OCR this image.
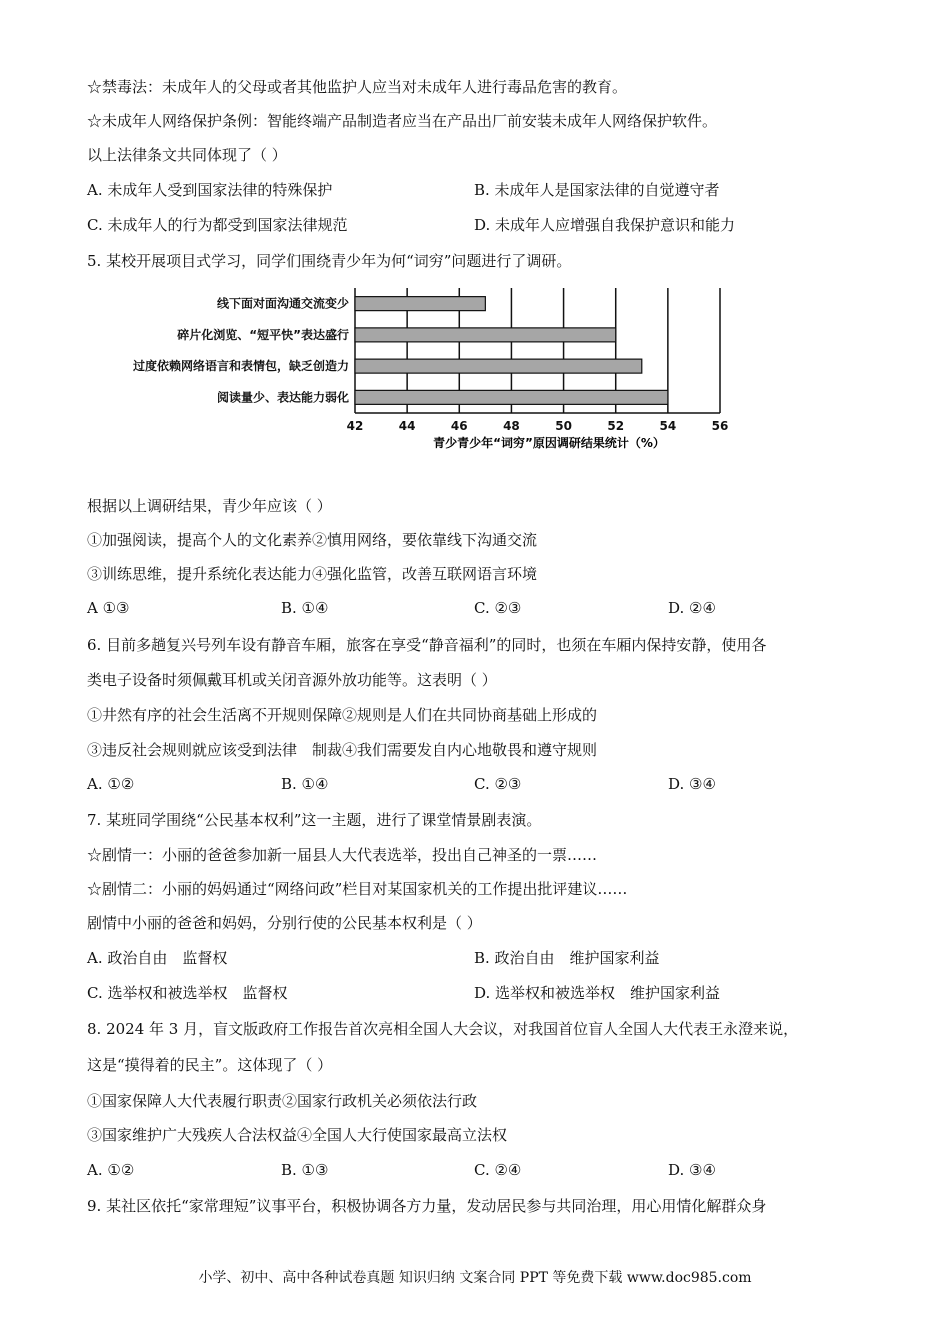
☆禁毒法：未成年人的父母或者其他监护人应当对未成年人进行毒品危害的教育。
☆未成年人网络保护条例：智能终端产品制造者应当在产品出厂前安装未成年人网络保护软件。
以上法律条文共同体现了（ ）
A. 未成年人受到国家法律的特殊保护	B. 未成年人是国家法律的自觉遵守者
C. 未成年人的行为都受到国家法律规范	D. 未成年人应增强自我保护意识和能力
5. 某校开展项目式学习，同学们围绕青少年为何“词穷”问题进行了调研。
线下面对面沟通交流变少
碎片化浏览、“短平快”表达盛行
过度依赖网络语言和表情包，缺乏创造力
阅读量少、表达能力弱化
42	44	46	48	50	52	54	56
青少青少年“词穷”原因调研结果统计（%）
根据以上调研结果，青少年应该（ ）
①加强阅读，提高个人的文化素养②慎用网络，要依靠线下沟通交流
③训练思维，提升系统化表达能力④强化监管，改善互联网语言环境
A ①③	B. ①④	C. ②③	D. ②④
6. 目前多趟复兴号列车设有静音车厢，旅客在享受“静音福利”的同时，也须在车厢内保持安静，使用各
类电子设备时须佩戴耳机或关闭音源外放功能等。这表明（ ）
①井然有序的社会生活离不开规则保障②规则是人们在共同协商基础上形成的
③违反社会规则就应该受到法律　制裁④我们需要发自内心地敬畏和遵守规则
A. ①②	B. ①④	C. ②③	D. ③④
7. 某班同学围绕“公民基本权利”这一主题，进行了课堂情景剧表演。
☆剧情一：小丽的爸爸参加新一届县人大代表选举，投出自己神圣的一票……
☆剧情二：小丽的妈妈通过“网络问政”栏目对某国家机关的工作提出批评建议……
剧情中小丽的爸爸和妈妈，分别行使的公民基本权利是（ ）
A. 政治自由　监督权	B. 政治自由　维护国家利益
C. 选举权和被选举权　监督权	D. 选举权和被选举权　维护国家利益
8. 2024 年 3 月，盲文版政府工作报告首次亮相全国人大会议，对我国首位盲人全国人大代表王永澄来说，
这是“摸得着的民主”。这体现了（ ）
①国家保障人大代表履行职责②国家行政机关必须依法行政
③国家维护广大残疾人合法权益④全国人大行使国家最高立法权
A. ①②	B. ①③	C. ②④	D. ③④
9. 某社区依托“家常理短”议事平台，积极协调各方力量，发动居民参与共同治理，用心用情化解群众身
小学、初中、高中各种试卷真题 知识归纳 文案合同 PPT 等免费下载 www.doc985.com
